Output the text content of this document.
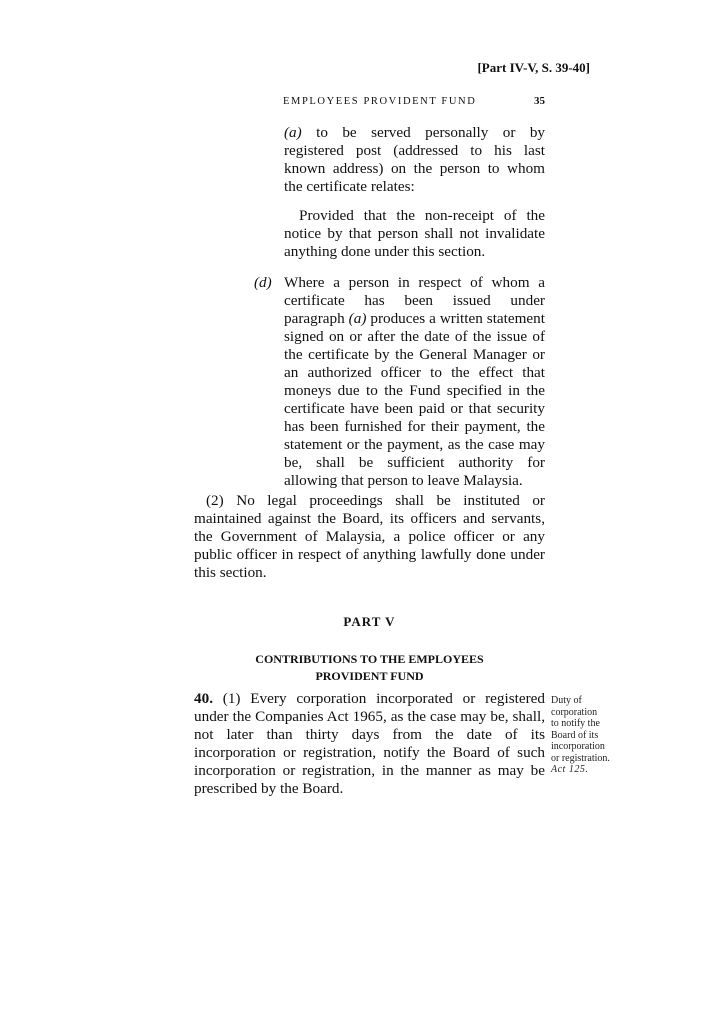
[Part IV-V, S. 39-40]
EMPLOYEES PROVIDENT FUND	35
(a) to be served personally or by registered post (addressed to his last known address) on the person to whom the certificate relates:
Provided that the non-receipt of the notice by that person shall not invalidate anything done under this section.
(d) Where a person in respect of whom a certificate has been issued under paragraph (a) produces a written statement signed on or after the date of the issue of the certificate by the General Manager or an authorized officer to the effect that moneys due to the Fund specified in the certificate have been paid or that security has been furnished for their payment, the statement or the payment, as the case may be, shall be sufficient authority for allowing that person to leave Malaysia.
(2) No legal proceedings shall be instituted or maintained against the Board, its officers and servants, the Government of Malaysia, a police officer or any public officer in respect of anything lawfully done under this section.
PART V
CONTRIBUTIONS TO THE EMPLOYEES
PROVIDENT FUND
40. (1) Every corporation incorporated or registered under the Companies Act 1965, as the case may be, shall, not later than thirty days from the date of its incorporation or registration, notify the Board of such incorporation or registration, in the manner as may be prescribed by the Board.
Duty of
corporation
to notify the
Board of its
incorporation
or registration.
Act 125.
